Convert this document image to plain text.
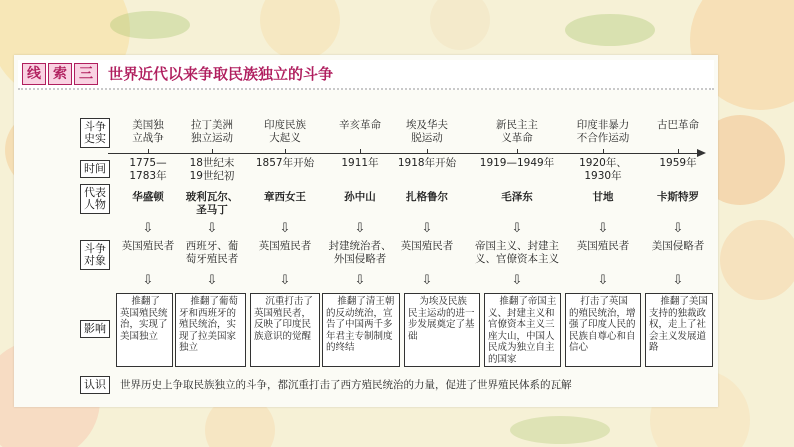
线 索 三	世界近代以来争取民族独立的斗争
斗争
史实
时间
代表
人物
斗争
对象
影响
认识
美国独
立战争
1775—
1783年
华盛顿
⇩
英国殖民者
⇩
推翻了英国殖民统治，实现了美国独立
拉丁美洲
独立运动
18世纪末
19世纪初
玻利瓦尔、
圣马丁
⇩
西班牙、葡
萄牙殖民者
⇩
推翻了葡萄牙和西班牙的殖民统治，实现了拉美国家独立
印度民族
大起义
1857年开始
章西女王
⇩
英国殖民者
⇩
沉重打击了英国殖民者，反映了印度民族意识的觉醒
辛亥革命
1911年
孙中山
⇩
封建统治者、
外国侵略者
⇩
推翻了清王朝的反动统治，宣告了中国两千多年君主专制制度的终结
埃及华夫
脱运动
1918年开始
扎格鲁尔
⇩
英国殖民者
⇩
为埃及民族民主运动的进一步发展奠定了基础
新民主主
义革命
1919—1949年
毛泽东
⇩
帝国主义、封建主
义、官僚资本主义
⇩
推翻了帝国主义、封建主义和官僚资本主义三座大山，中国人民成为独立自主的国家
印度非暴力
不合作运动
1920年、
1930年
甘地
⇩
英国殖民者
⇩
打击了英国的殖民统治，增强了印度人民的民族自尊心和自信心
古巴革命
1959年
卡斯特罗
⇩
美国侵略者
⇩
推翻了美国支持的独裁政权，走上了社会主义发展道路
世界历史上争取民族独立的斗争，都沉重打击了西方殖民统治的力量，促进了世界殖民体系的瓦解
